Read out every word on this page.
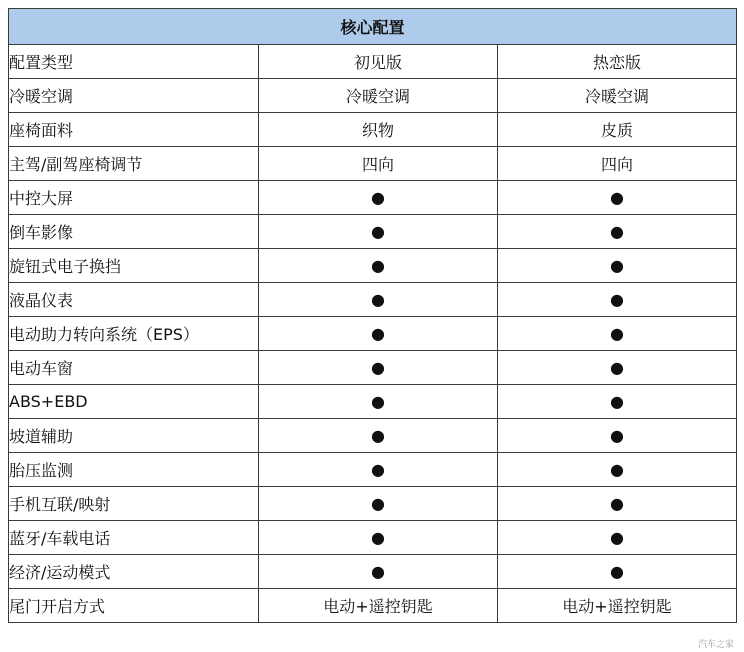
核心配置		
配置类型	初见版	热恋版
冷暖空调	冷暖空调	冷暖空调
座椅面料	织物	皮质
主驾/副驾座椅调节	四向	四向
中控大屏	●	●
倒车影像	●	●
旋钮式电子换挡	●	●
液晶仪表	●	●
电动助力转向系统（EPS）	●	●
电动车窗	●	●
ABS+EBD	●	●
坡道辅助	●	●
胎压监测	●	●
手机互联/映射	●	●
蓝牙/车载电话	●	●
经济/运动模式	●	●
尾门开启方式	电动+遥控钥匙	电动+遥控钥匙
汽车之家
